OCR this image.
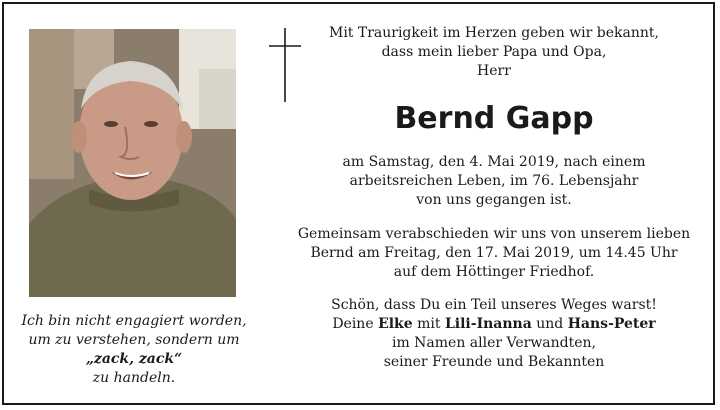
Ich bin nicht engagiert worden,
um zu verstehen, sondern um
„zack, zack“
zu handeln.

Mit Traurigkeit im Herzen geben wir bekannt,

dass mein lieber Papa und Opa,

Herr

Bernd Gapp

am Samstag, den 4. Mai 2019, nach einem

arbeitsreichen Leben, im 76. Lebensjahr

von uns gegangen ist.

Gemeinsam verabschieden wir uns von unserem lieben

Bernd am Freitag, den 17. Mai 2019, um 14.45 Uhr

auf dem Höttinger Friedhof.

Schön, dass Du ein Teil unseres Weges warst!

Deine Elke mit Lili-Inanna und Hans-Peter

im Namen aller Verwandten,

seiner Freunde und Bekannten
